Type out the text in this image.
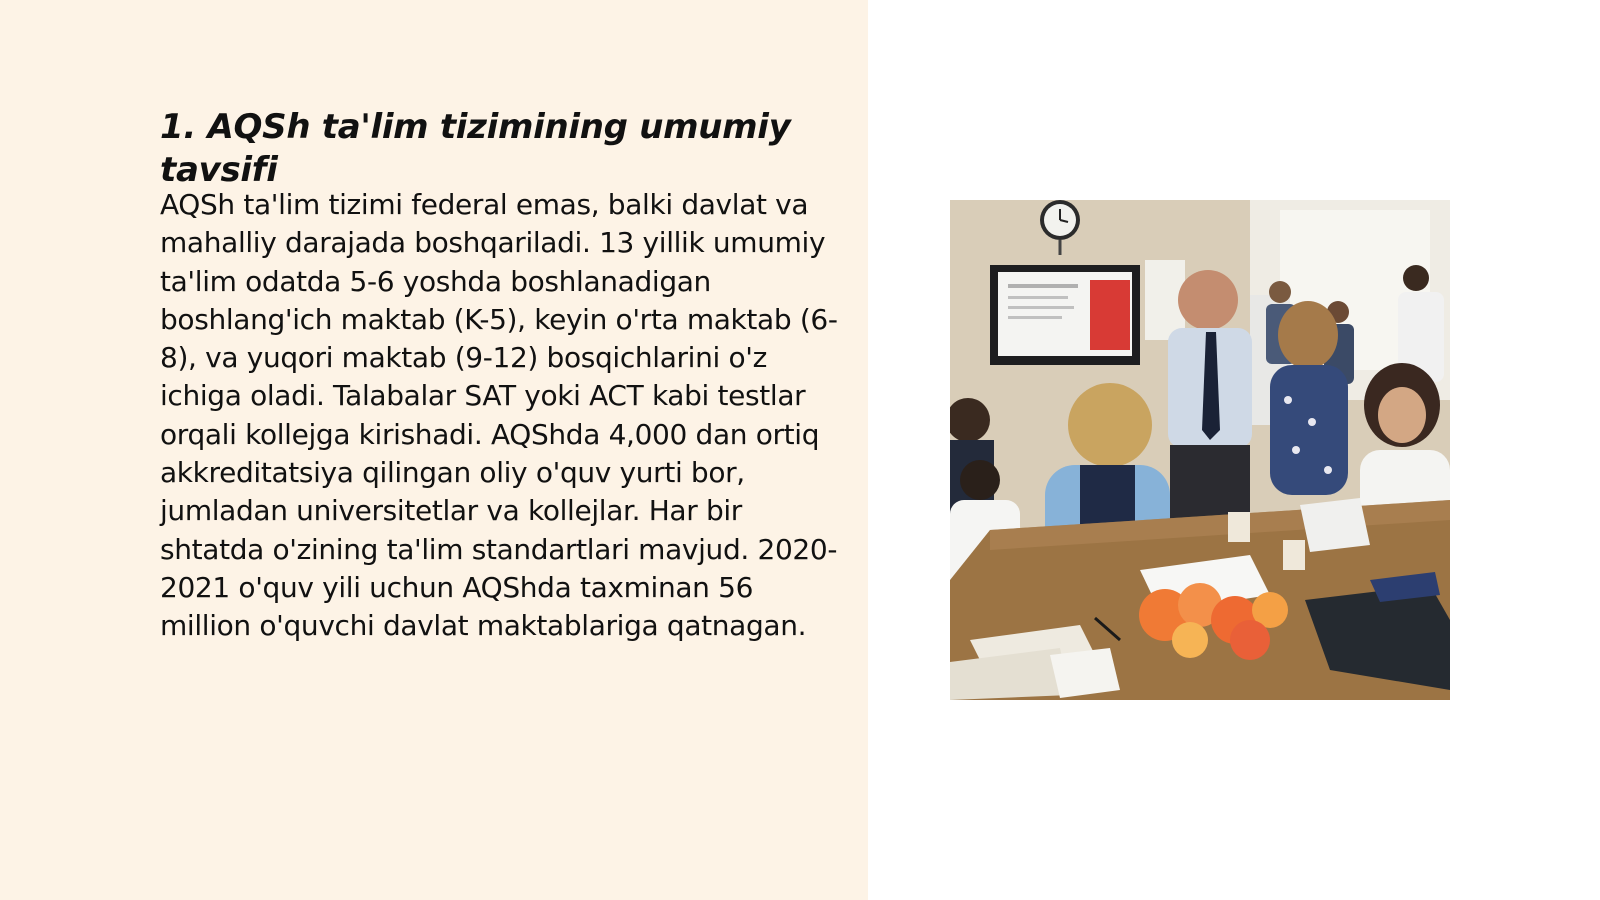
1. AQSh ta'lim tizimining umumiy tavsifi

AQSh ta'lim tizimi federal emas, balki davlat va mahalliy darajada boshqariladi. 13 yillik umumiy ta'lim odatda 5-6 yoshda boshlanadigan boshlang'ich maktab (K-5), keyin o'rta maktab (6-8), va yuqori maktab (9-12) bosqichlarini o'z ichiga oladi. Talabalar SAT yoki ACT kabi testlar orqali kollejga kirishadi. AQShda 4,000 dan ortiq akkreditatsiya qilingan oliy o'quv yurti bor, jumladan universitetlar va kollejlar. Har bir shtatda o'zining ta'lim standartlari mavjud. 2020-2021 o'quv yili uchun AQShda taxminan 56 million o'quvchi davlat maktablariga qatnagan.
